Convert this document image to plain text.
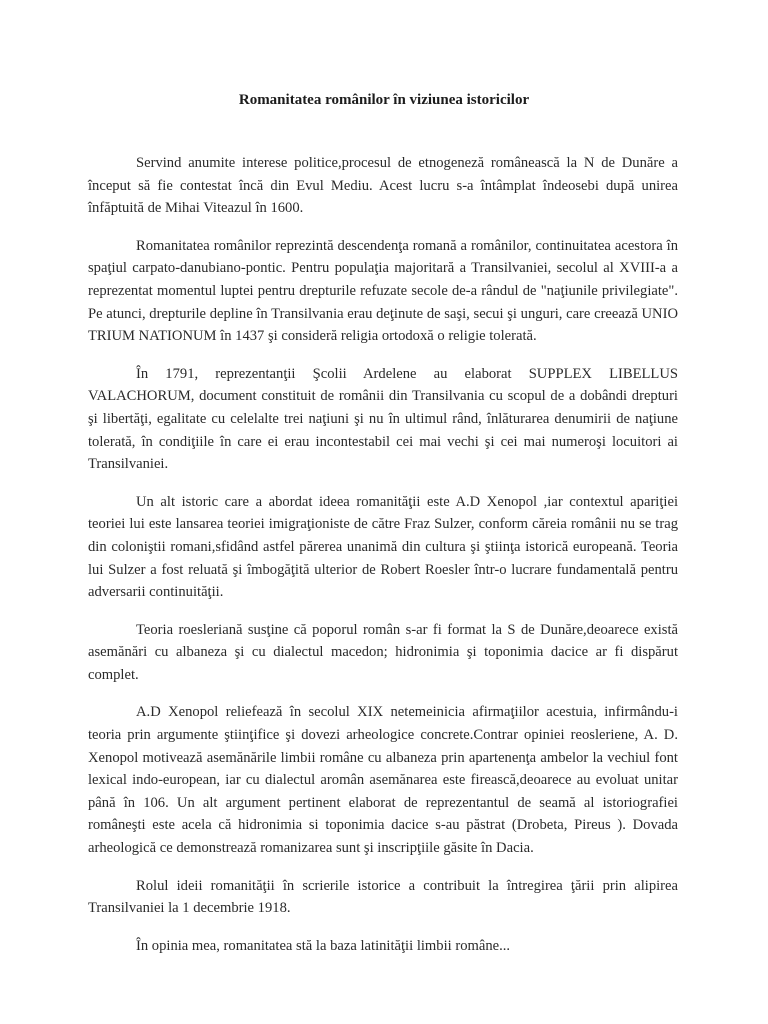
Romanitatea românilor în viziunea istoricilor

Servind anumite interese politice,procesul de etnogeneză românească la N de Dunăre a început să fie contestat încă din Evul Mediu. Acest lucru s-a întâmplat îndeosebi după unirea înfăptuită de Mihai Viteazul în 1600.

Romanitatea românilor reprezintă descendenţa romană a românilor, continuitatea acestora în spaţiul carpato-danubiano-pontic. Pentru populaţia majoritară a Transilvaniei, secolul al XVIII-a a reprezentat momentul luptei pentru drepturile refuzate secole de-a rândul de "naţiunile privilegiate". Pe atunci, drepturile depline în Transilvania erau deţinute de saşi, secui şi unguri, care creează UNIO TRIUM NATIONUM în 1437 şi consideră religia ortodoxă o religie tolerată.

În 1791, reprezentanţii Şcolii Ardelene au elaborat SUPPLEX LIBELLUS VALACHORUM, document constituit de românii din Transilvania cu scopul de a dobândi drepturi şi libertăţi, egalitate cu celelalte trei naţiuni şi nu în ultimul rând, înlăturarea denumirii de naţiune tolerată, în condiţiile în care ei erau incontestabil cei mai vechi şi cei mai numeroşi locuitori ai Transilvaniei.

Un alt istoric care a abordat ideea romanităţii este A.D Xenopol ,iar contextul apariţiei teoriei lui este lansarea teoriei imigraţioniste de către Fraz Sulzer, conform căreia românii nu se trag din coloniştii romani,sfidând astfel părerea unanimă din cultura şi ştiinţa istorică europeană. Teoria lui Sulzer a fost reluată şi îmbogăţită ulterior de Robert Roesler într-o lucrare fundamentală pentru adversarii continuităţii.

Teoria roesleriană susţine că poporul român s-ar fi format la S de Dunăre,deoarece există asemănări cu albaneza şi cu dialectul macedon; hidronimia şi toponimia dacice ar fi dispărut complet.

A.D Xenopol reliefează în secolul XIX netemeinicia afirmaţiilor acestuia, infirmându-i teoria prin argumente ştiinţifice şi dovezi arheologice concrete.Contrar opiniei reosleriene, A. D. Xenopol motivează asemănările limbii române cu albaneza prin apartenenţa ambelor la vechiul font lexical indo-european, iar cu dialectul aromân asemănarea este firească,deoarece au evoluat unitar până în 106. Un alt argument pertinent elaborat de reprezentantul de seamă al istoriografiei româneşti este acela că hidronimia si toponimia dacice s-au păstrat (Drobeta, Pireus ). Dovada arheologică ce demonstrează romanizarea sunt şi inscripţiile găsite în Dacia.

Rolul ideii romanităţii în scrierile istorice a contribuit la întregirea ţării prin alipirea Transilvaniei la 1 decembrie 1918.

În opinia mea, romanitatea stă la baza latinităţii limbii române...
